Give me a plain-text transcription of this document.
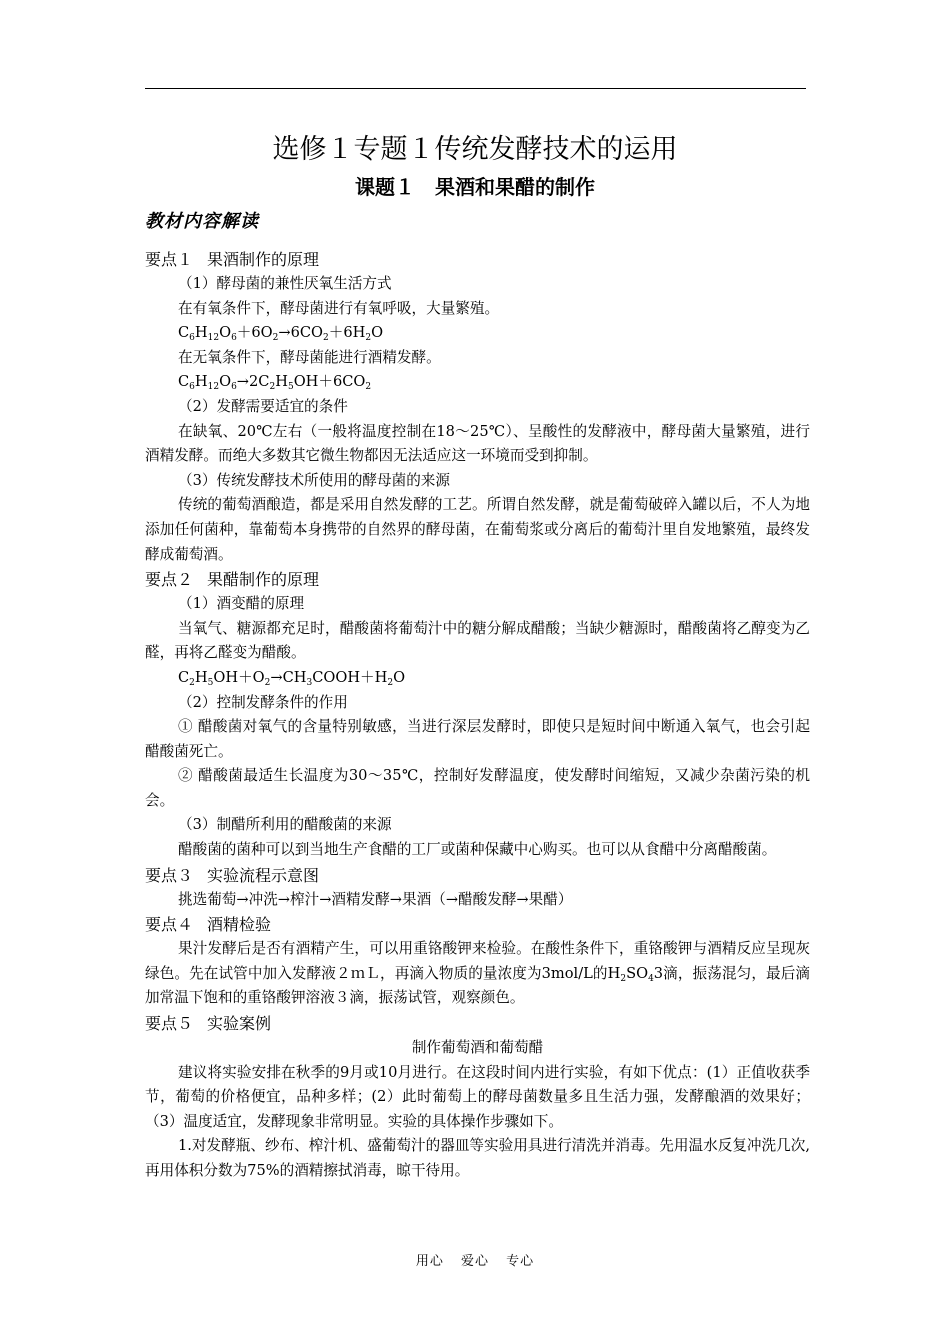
选修１专题１传统发酵技术的运用
课题１　果酒和果醋的制作
教材内容解读

要点１ 果酒制作的原理

（1）酵母菌的兼性厌氧生活方式

在有氧条件下，酵母菌进行有氧呼吸，大量繁殖。

$C_6H_{12}O_6+6O_2\to 6CO_2+6H_2O$

在无氧条件下，酵母菌能进行酒精发酵。

$C_6H_{12}O_6\to 2C_2H_5OH+6CO_2$

（2）发酵需要适宜的条件

在缺氧、20℃左右（一般将温度控制在18～25℃）、呈酸性的发酵液中，酵母菌大量繁殖，进行酒精发酵。而绝大多数其它微生物都因无法适应这一环境而受到抑制。

（3）传统发酵技术所使用的酵母菌的来源

传统的葡萄酒酿造，都是采用自然发酵的工艺。所谓自然发酵，就是葡萄破碎入罐以后，不人为地添加任何菌种，靠葡萄本身携带的自然界的酵母菌，在葡萄浆或分离后的葡萄汁里自发地繁殖，最终发酵成葡萄酒。

要点２ 果醋制作的原理

（1）酒变醋的原理

当氧气、糖源都充足时，醋酸菌将葡萄汁中的糖分解成醋酸；当缺少糖源时，醋酸菌将乙醇变为乙醛，再将乙醛变为醋酸。

$C_2H_5OH+O_2\to CH_3COOH+H_2O$

（2）控制发酵条件的作用

① 醋酸菌对氧气的含量特别敏感，当进行深层发酵时，即使只是短时间中断通入氧气，也会引起醋酸菌死亡。

② 醋酸菌最适生长温度为30～35℃，控制好发酵温度，使发酵时间缩短，又减少杂菌污染的机会。

（3）制醋所利用的醋酸菌的来源

醋酸菌的菌种可以到当地生产食醋的工厂或菌种保藏中心购买。也可以从食醋中分离醋酸菌。

要点３ 实验流程示意图

挑选葡萄→冲洗→榨汁→酒精发酵→果酒（→醋酸发酵→果醋）

要点４ 酒精检验

果汁发酵后是否有酒精产生，可以用重铬酸钾来检验。在酸性条件下，重铬酸钾与酒精反应呈现灰绿色。先在试管中加入发酵液２ｍＬ，再滴入物质的量浓度为3mol/L的$H_2SO_43$滴，振荡混匀，最后滴加常温下饱和的重铬酸钾溶液３滴，振荡试管，观察颜色。

要点５ 实验案例

制作葡萄酒和葡萄醋

建议将实验安排在秋季的9月或10月进行。在这段时间内进行实验，有如下优点：(1）正值收获季节，葡萄的价格便宜，品种多样；(2）此时葡萄上的酵母菌数量多且生活力强，发酵酿酒的效果好；（3）温度适宜，发酵现象非常明显。实验的具体操作步骤如下。

1.对发酵瓶、纱布、榨汁机、盛葡萄汁的器皿等实验用具进行清洗并消毒。先用温水反复冲洗几次,再用体积分数为75%的酒精擦拭消毒，晾干待用。

用心 爱心 专心
